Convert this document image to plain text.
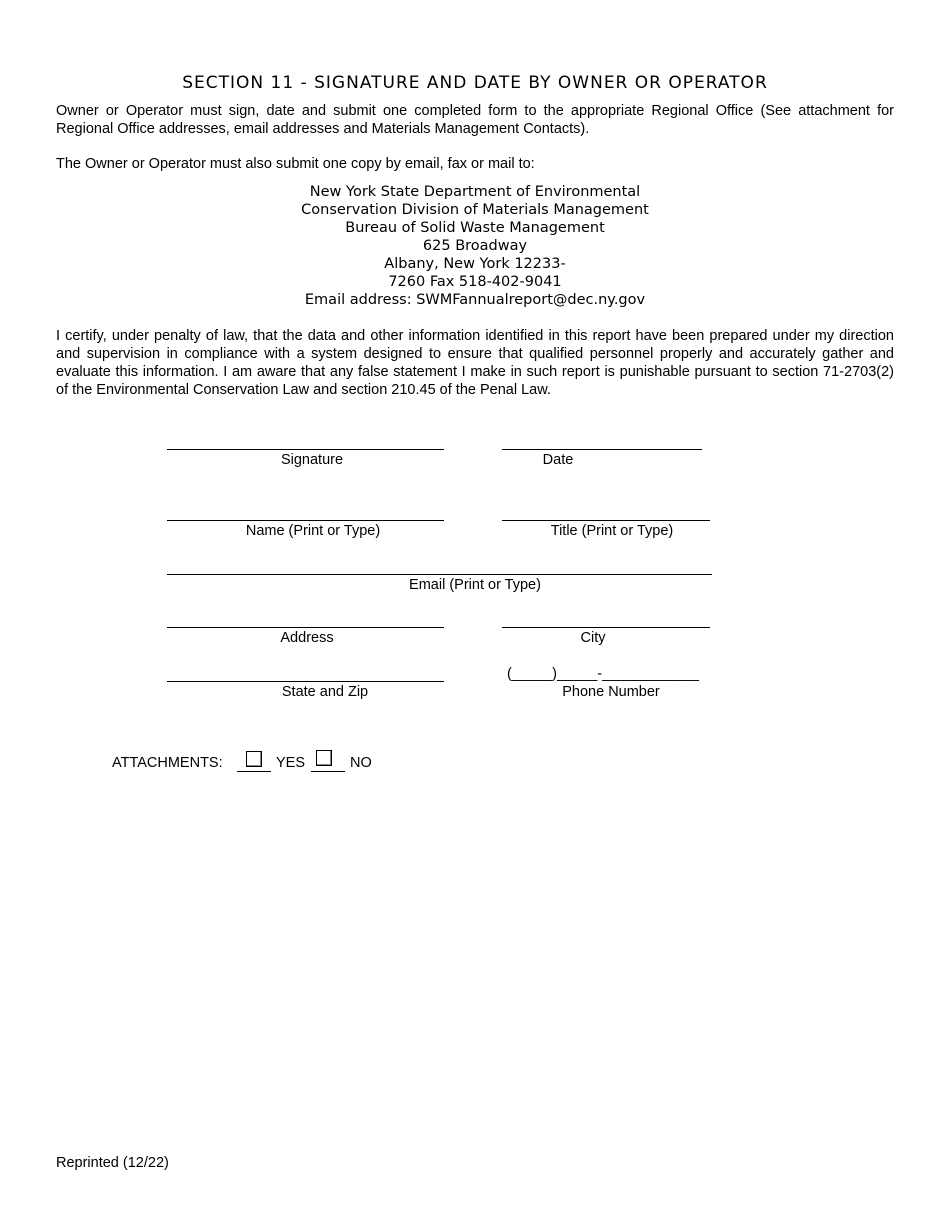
SECTION 11 - SIGNATURE AND DATE BY OWNER OR OPERATOR
Owner or Operator must sign, date and submit one completed form to the appropriate Regional Office (See attachment for Regional Office addresses, email addresses and Materials Management Contacts).
The Owner or Operator must also submit one copy by email, fax or mail to:
New York State Department of Environmental
Conservation Division of Materials Management
Bureau of Solid Waste Management
625 Broadway
Albany, New York 12233-
7260 Fax 518-402-9041
Email address: SWMFannualreport@dec.ny.gov
I certify, under penalty of law, that the data and other information identified in this report have been prepared under my direction and supervision in compliance with a system designed to ensure that qualified personnel properly and accurately gather and evaluate this information. I am aware that any false statement I make in such report is punishable pursuant to section 71-2703(2) of the Environmental Conservation Law and section 210.45 of the Penal Law.
Signature	Date
Name (Print or Type)	Title (Print or Type)
Email (Print or Type)
Address	City
(_____)_____-____________
State and Zip	Phone Number
ATTACHMENTS:	YES	NO
Reprinted (12/22)
